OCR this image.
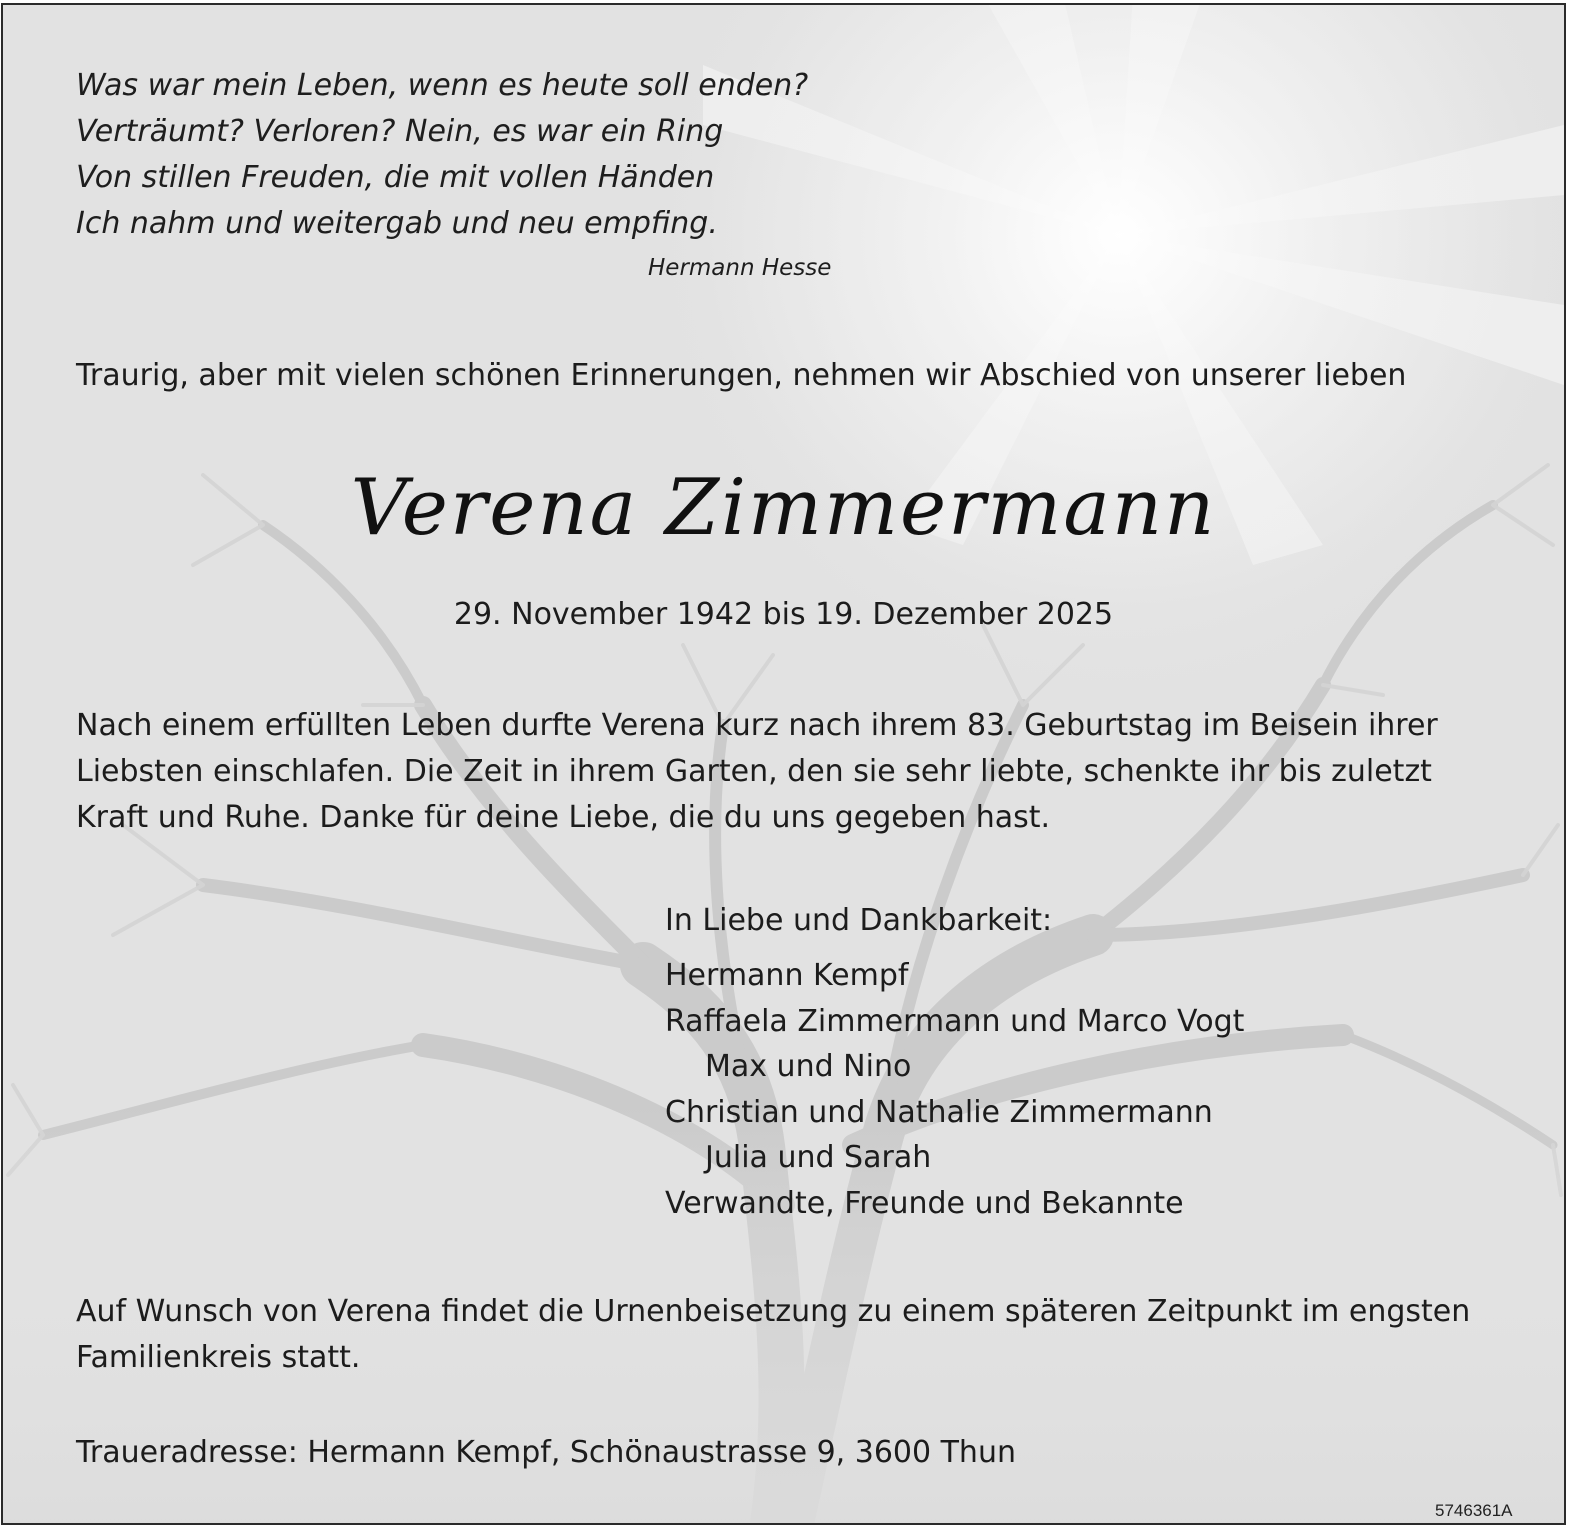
Was war mein Leben, wenn es heute soll enden?
Verträumt? Verloren? Nein, es war ein Ring
Von stillen Freuden, die mit vollen Händen
Ich nahm und weitergab und neu empfing.
Hermann Hesse
Traurig, aber mit vielen schönen Erinnerungen, nehmen wir Abschied von unserer lieben
Verena Zimmermann
29. November 1942 bis 19. Dezember 2025
Nach einem erfüllten Leben durfte Verena kurz nach ihrem 83. Geburtstag im Beisein ihrer Liebsten einschlafen. Die Zeit in ihrem Garten, den sie sehr liebte, schenkte ihr bis zuletzt Kraft und Ruhe. Danke für deine Liebe, die du uns gegeben hast.
In Liebe und Dankbarkeit:
Hermann Kempf
Raffaela Zimmermann und Marco Vogt
Max und Nino
Christian und Nathalie Zimmermann
Julia und Sarah
Verwandte, Freunde und Bekannte
Auf Wunsch von Verena findet die Urnenbeisetzung zu einem späteren Zeitpunkt im engsten Familienkreis statt.
Traueradresse: Hermann Kempf, Schönaustrasse 9, 3600 Thun
5746361A
